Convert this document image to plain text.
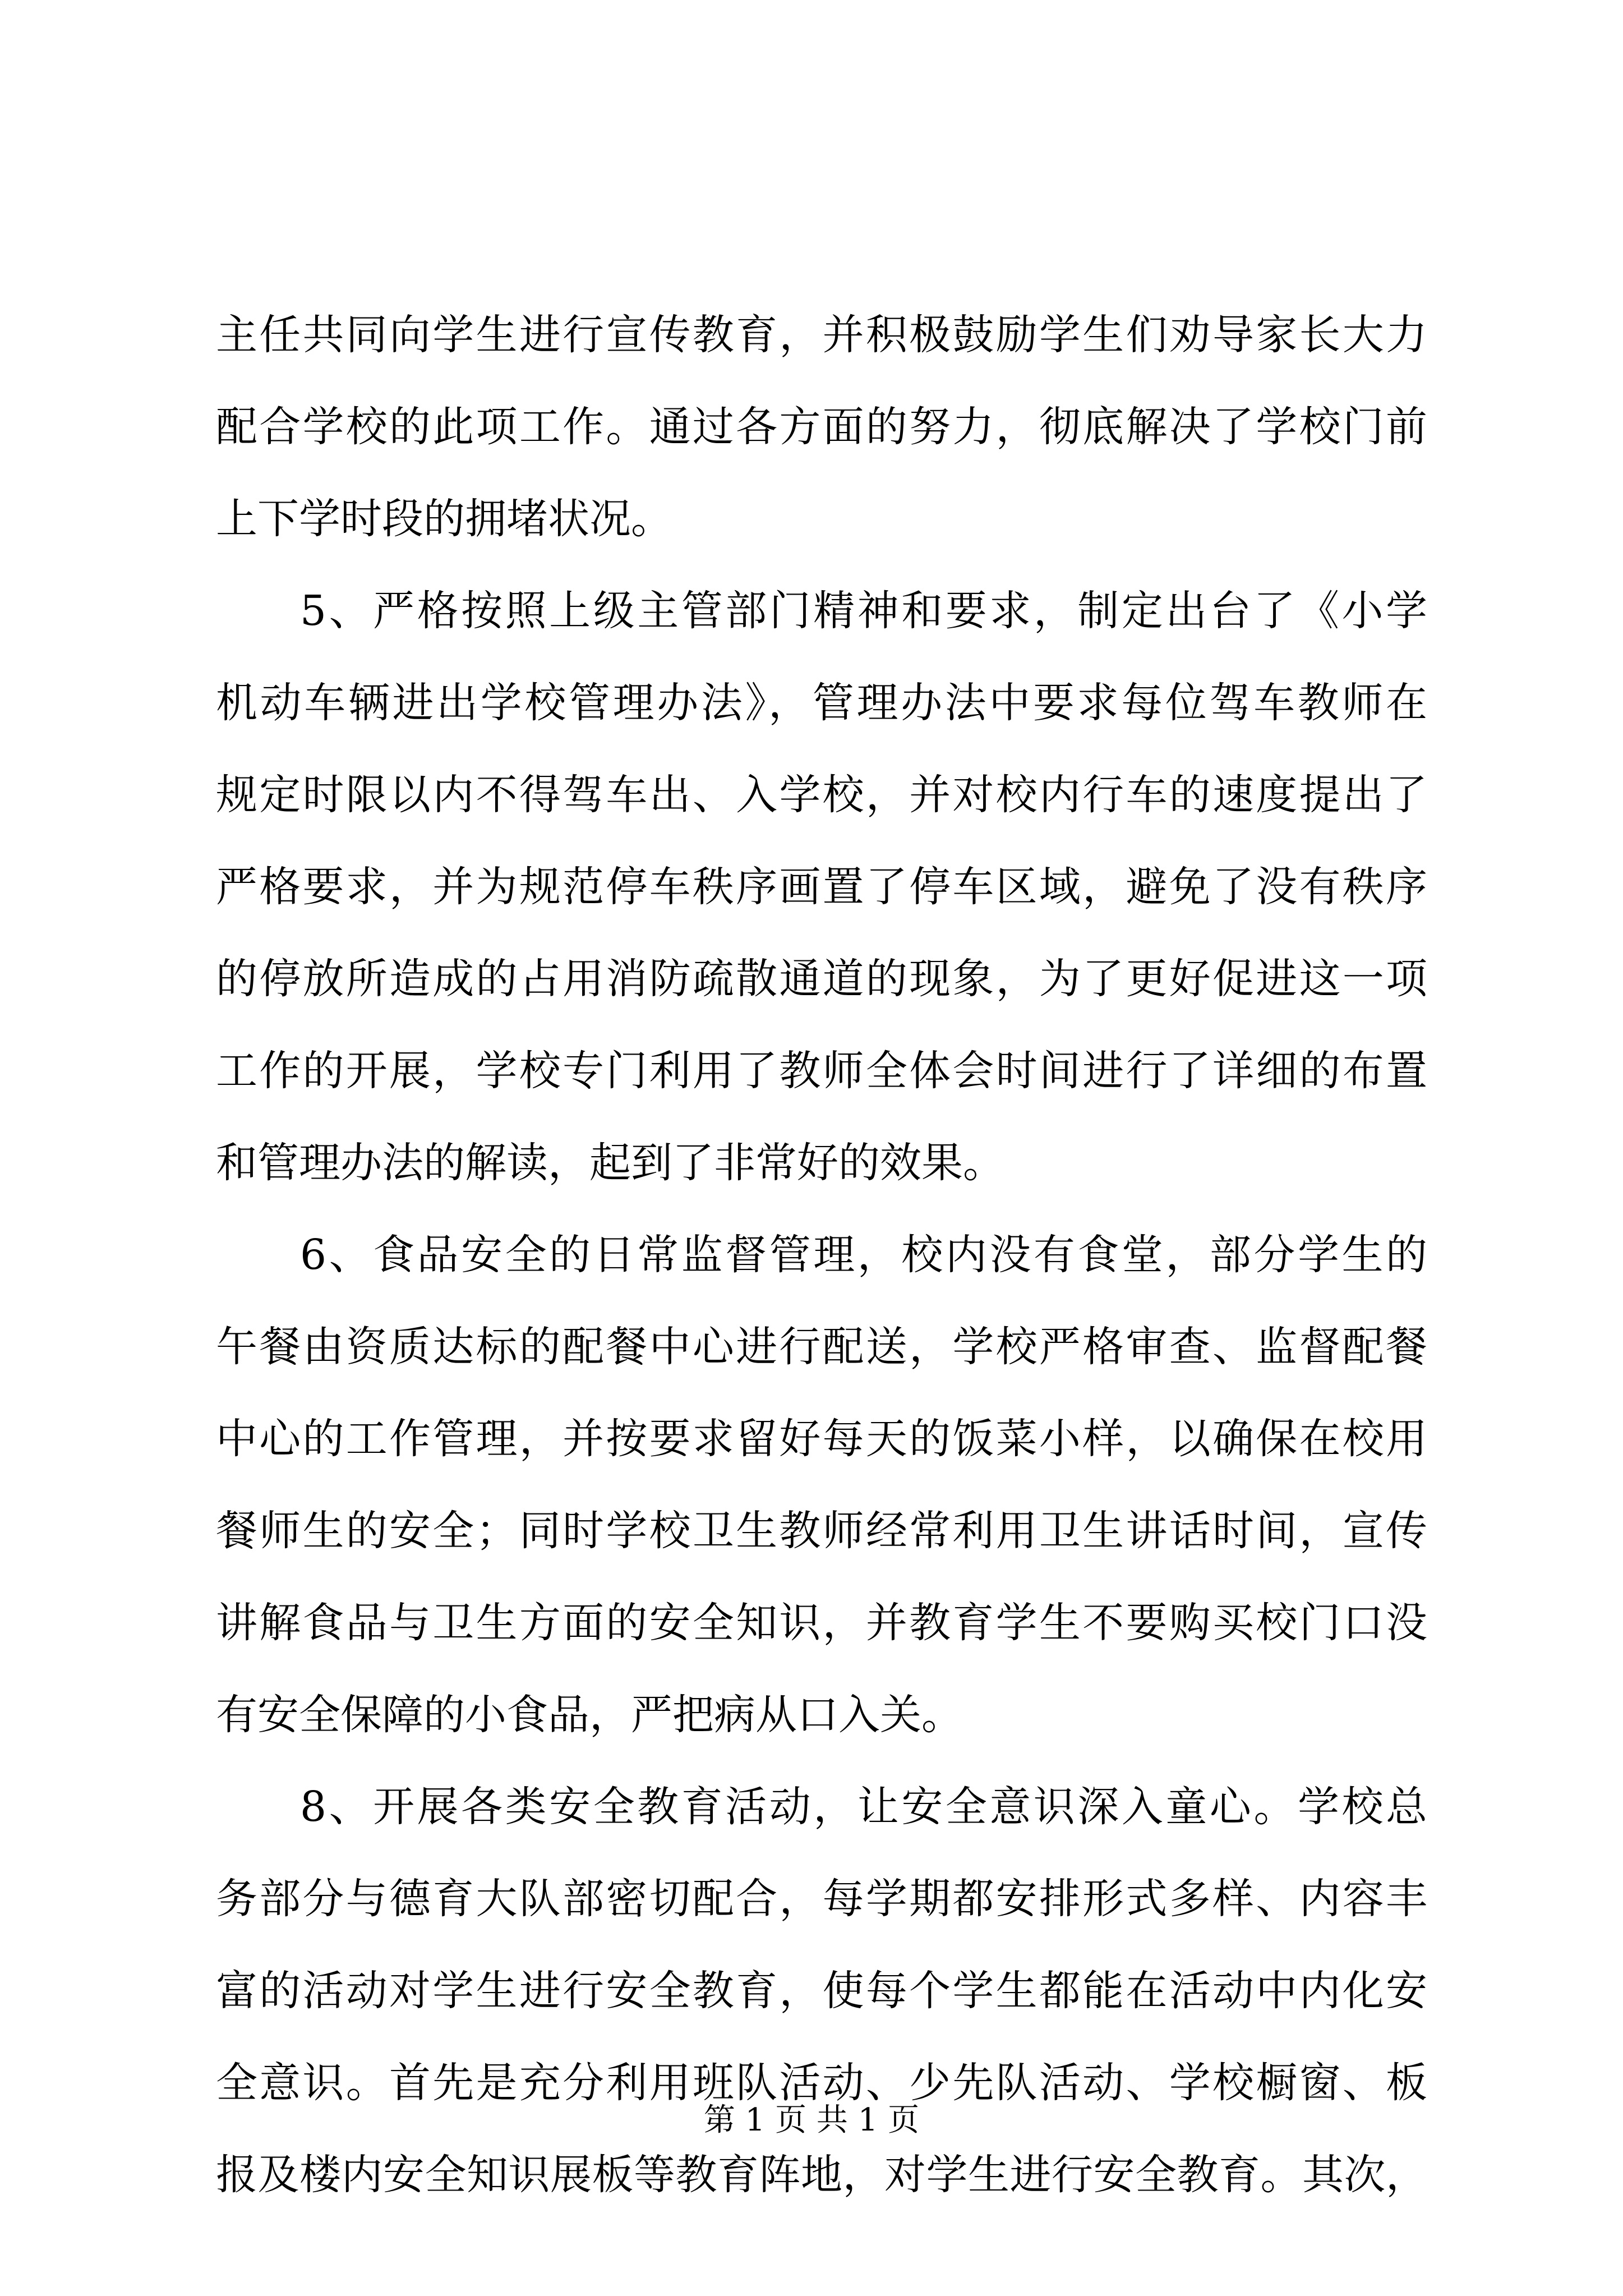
主任共同向学生进行宣传教育，并积极鼓励学生们劝导家长大力
配合学校的此项工作。通过各方面的努力，彻底解决了学校门前
上下学时段的拥堵状况。
5、严格按照上级主管部门精神和要求，制定出台了《小学
机动车辆进出学校管理办法》，管理办法中要求每位驾车教师在
规定时限以内不得驾车出、入学校，并对校内行车的速度提出了
严格要求，并为规范停车秩序画置了停车区域，避免了没有秩序
的停放所造成的占用消防疏散通道的现象，为了更好促进这一项
工作的开展，学校专门利用了教师全体会时间进行了详细的布置
和管理办法的解读，起到了非常好的效果。
6、食品安全的日常监督管理，校内没有食堂，部分学生的
午餐由资质达标的配餐中心进行配送，学校严格审查、监督配餐
中心的工作管理，并按要求留好每天的饭菜小样，以确保在校用
餐师生的安全；同时学校卫生教师经常利用卫生讲话时间，宣传
讲解食品与卫生方面的安全知识，并教育学生不要购买校门口没
有安全保障的小食品，严把病从口入关。
8、开展各类安全教育活动，让安全意识深入童心。学校总
务部分与德育大队部密切配合，每学期都安排形式多样、内容丰
富的活动对学生进行安全教育，使每个学生都能在活动中内化安
全意识。首先是充分利用班队活动、少先队活动、学校橱窗、板
报及楼内安全知识展板等教育阵地，对学生进行安全教育。其次，
第 1 页 共 1 页
